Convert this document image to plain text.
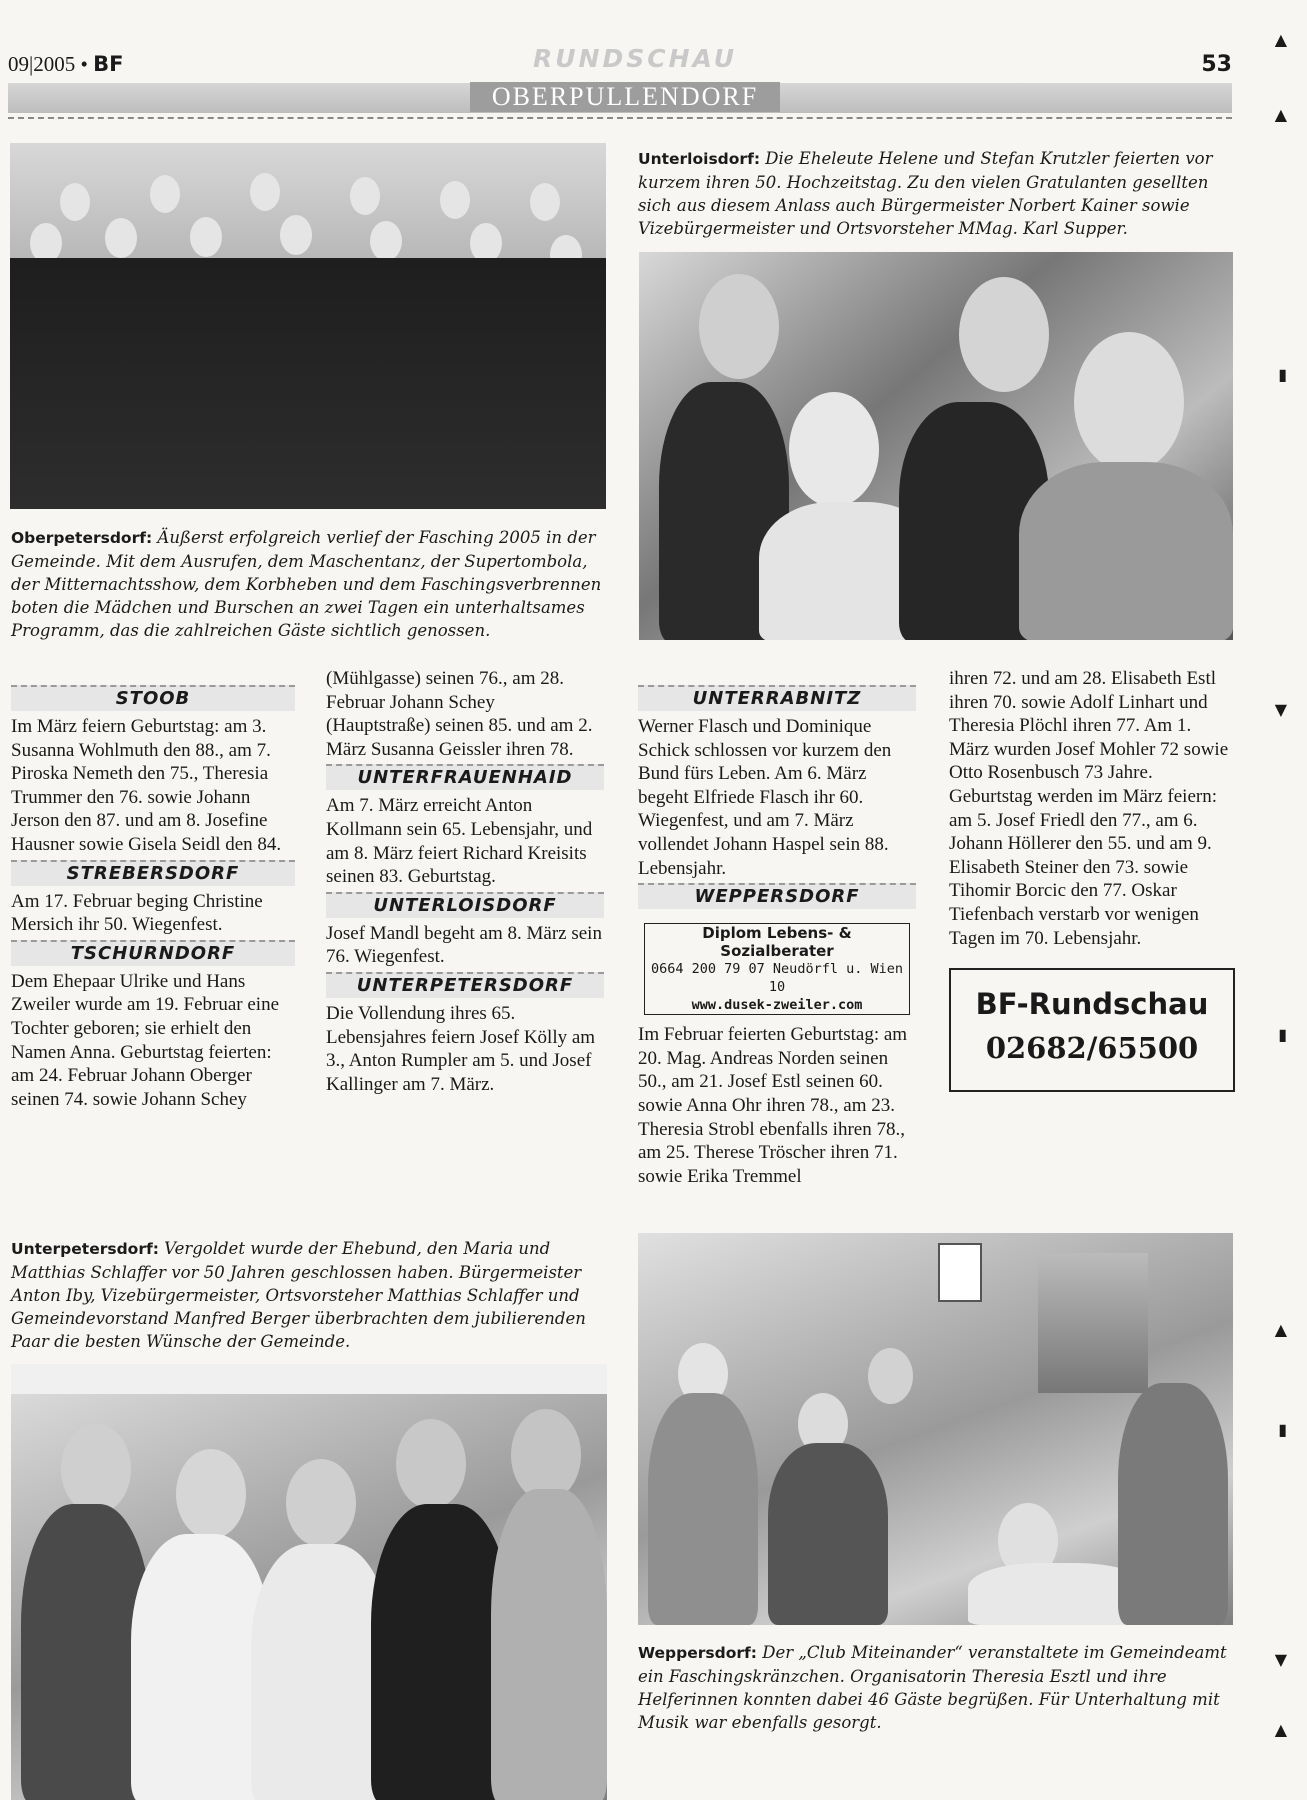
09|2005 • BF	RUNDSCHAU
OBERPULLENDORF
53
Oberpetersdorf: Äußerst erfolgreich verlief der Fasching 2005 in der Gemeinde. Mit dem Ausrufen, dem Maschentanz, der Supertombola, der Mitternachtsshow, dem Korbheben und dem Faschingsverbrennen boten die Mädchen und Burschen an zwei Tagen ein unterhaltsames Programm, das die zahlreichen Gäste sichtlich genossen.
Unterloisdorf: Die Eheleute Helene und Stefan Krutzler feierten vor kurzem ihren 50. Hochzeitstag. Zu den vielen Gratulanten gesellten sich aus diesem Anlass auch Bürgermeister Norbert Kainer sowie Vizebürgermeister und Ortsvorsteher MMag. Karl Supper.
STOOB
Im März feiern Geburtstag: am 3. Susanna Wohlmuth den 88., am 7. Piroska Nemeth den 75., Theresia Trummer den 76. sowie Johann Jerson den 87. und am 8. Josefine Hausner sowie Gisela Seidl den 84.
STREBERSDORF
Am 17. Februar beging Christine Mersich ihr 50. Wiegenfest.
TSCHURNDORF
Dem Ehepaar Ulrike und Hans Zweiler wurde am 19. Februar eine Tochter geboren; sie erhielt den Namen Anna. Geburtstag feierten: am 24. Februar Johann Oberger seinen 74. sowie Johann Schey
(Mühlgasse) seinen 76., am 28. Februar Johann Schey (Hauptstraße) seinen 85. und am 2. März Susanna Geissler ihren 78.
UNTERFRAUENHAID
Am 7. März erreicht Anton Kollmann sein 65. Lebensjahr, und am 8. März feiert Richard Kreisits seinen 83. Geburtstag.
UNTERLOISDORF
Josef Mandl begeht am 8. März sein 76. Wiegenfest.
UNTERPETERSDORF
Die Vollendung ihres 65. Lebensjahres feiern Josef Kölly am 3., Anton Rumpler am 5. und Josef Kallinger am 7. März.
UNTERRABNITZ
Werner Flasch und Dominique Schick schlossen vor kurzem den Bund fürs Leben. Am 6. März begeht Elfriede Flasch ihr 60. Wiegenfest, und am 7. März vollendet Johann Haspel sein 88. Lebensjahr.
WEPPERSDORF
Diplom Lebens- & Sozialberater
0664 200 79 07 Neudörfl u. Wien 10
www.dusek-zweiler.com
Im Februar feierten Geburtstag: am 20. Mag. Andreas Norden seinen 50., am 21. Josef Estl seinen 60. sowie Anna Ohr ihren 78., am 23. Theresia Strobl ebenfalls ihren 78., am 25. Therese Tröscher ihren 71. sowie Erika Tremmel
ihren 72. und am 28. Elisabeth Estl ihren 70. sowie Adolf Linhart und Theresia Plöchl ihren 77. Am 1. März wurden Josef Mohler 72 sowie Otto Rosenbusch 73 Jahre. Geburtstag werden im März feiern: am 5. Josef Friedl den 77., am 6. Johann Höllerer den 55. und am 9. Elisabeth Steiner den 73. sowie Tihomir Borcic den 77. Oskar Tiefenbach verstarb vor wenigen Tagen im 70. Lebensjahr.
BF-Rundschau
02682/65500
Unterpetersdorf: Vergoldet wurde der Ehebund, den Maria und Matthias Schlaffer vor 50 Jahren geschlossen haben. Bürgermeister Anton Iby, Vizebürgermeister, Ortsvorsteher Matthias Schlaffer und Gemeindevorstand Manfred Berger überbrachten dem jubilierenden Paar die besten Wünsche der Gemeinde.
Weppersdorf: Der „Club Miteinander“ veranstaltete im Gemeindeamt ein Faschingskränzchen. Organisatorin Theresia Esztl und ihre Helferinnen konnten dabei 46 Gäste begrüßen. Für Unterhaltung mit Musik war ebenfalls gesorgt.
▲
▲
▮
▼
▮
▲
▮
▼
▲
